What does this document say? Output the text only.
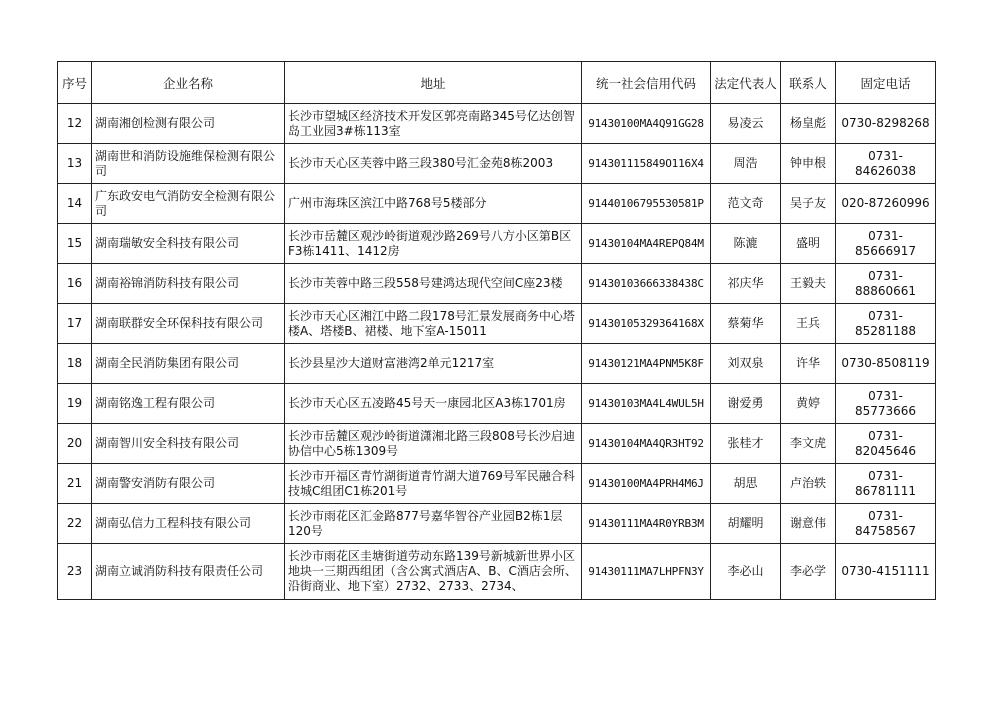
序号	企业名称	地址	统一社会信用代码	法定代表人	联系人	固定电话
12	湖南湘创检测有限公司	长沙市望城区经济技术开发区郭亮南路345号亿达创智岛工业园3#栋113室	91430100MA4Q91GG28	易凌云	杨皇彪	0730-8298268
13	湖南世和消防设施维保检测有限公司	长沙市天心区芙蓉中路三段380号汇金苑8栋2003	914301115849O116X4	周浩	钟申根	0731-84626038
14	广东政安电气消防安全检测有限公司	广州市海珠区滨江中路768号5楼部分	91440106795530581P	范文奇	吴子友	020-87260996
15	湖南瑞敏安全科技有限公司	长沙市岳麓区观沙岭街道观沙路269号八方小区第B区F3栋1411、1412房	91430104MA4REPQ84M	陈漉	盛明	0731-85666917
16	湖南裕锦消防科技有限公司	长沙市芙蓉中路三段558号建鸿达现代空间C座23楼	91430103666338438C	祁庆华	王毅夫	0731-88860661
17	湖南联群安全环保科技有限公司	长沙市天心区湘江中路二段178号汇景发展商务中心塔楼A、塔楼B、裙楼、地下室A-15011	91430105329364168X	蔡菊华	王兵	0731-85281188
18	湖南全民消防集团有限公司	长沙县星沙大道财富港湾2单元1217室	91430121MA4PNM5K8F	刘双泉	许华	0730-8508119
19	湖南铭逸工程有限公司	长沙市天心区五凌路45号天一康园北区A3栋1701房	91430103MA4L4WUL5H	谢爱勇	黄婷	0731-85773666
20	湖南智川安全科技有限公司	长沙市岳麓区观沙岭街道潇湘北路三段808号长沙启迪协信中心5栋1309号	91430104MA4QR3HT92	张桂才	李文虎	0731-82045646
21	湖南警安消防有限公司	长沙市开福区青竹湖街道青竹湖大道769号军民融合科技城C组团C1栋201号	91430100MA4PRH4M6J	胡思	卢治轶	0731-86781111
22	湖南弘信力工程科技有限公司	长沙市雨花区汇金路877号嘉华智谷产业园B2栋1层120号	91430111MA4R0YRB3M	胡耀明	谢意伟	0731-84758567
23	湖南立诚消防科技有限责任公司	长沙市雨花区圭塘街道劳动东路139号新城新世界小区地块一三期西组团（含公寓式酒店A、B、C酒店会所、沿街商业、地下室）2732、2733、2734、	91430111MA7LHPFN3Y	李必山	李必学	0730-4151111
